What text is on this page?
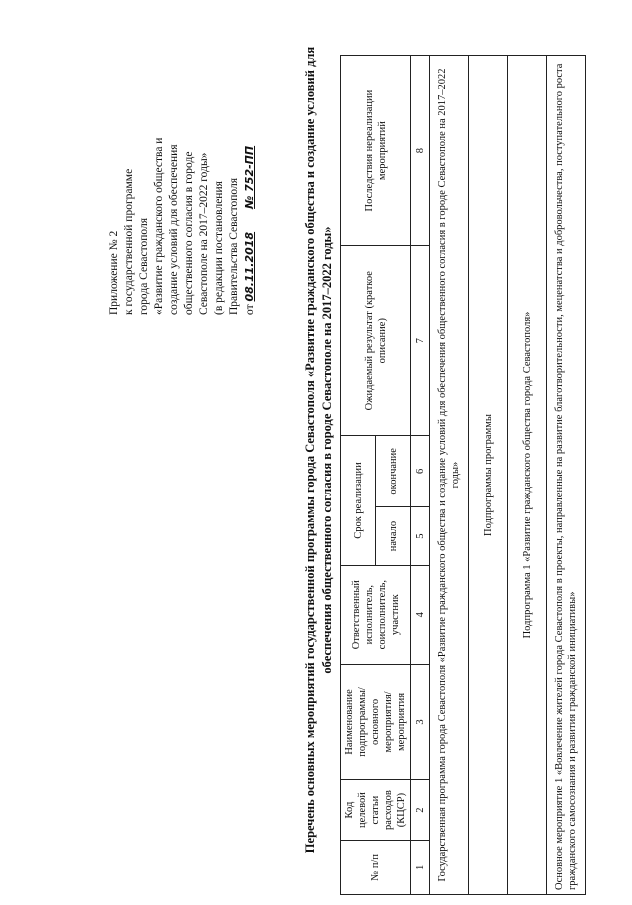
Приложение № 2 к государственной программе города Севастополя «Развитие гражданского общества и создание условий для обеспечения общественного согласия в городе Севастополе на 2017–2022 годы» (в редакции постановления Правительства Севастополя от 08.11.2018        № 752-ПП	Перечень основных мероприятий государственной программы города Севастополя «Развитие гражданского общества и создание условий для обеспечения общественного согласия в городе Севастополе на 2017–2022 годы»
№ п/п	Код целевой статьи расходов (КЦСР)	Наименование подпрограммы/основного мероприятия/мероприятия	Ответственный исполнитель, соисполнитель, участник	Срок реализации		Ожидаемый результат (краткое описание)	Последствия нереализации мероприятий
				начало	окончание		
1	2	3	4	5	6	7	8
Государственная программа города Севастополя «Развитие гражданского общества и создание условий для обеспечения общественного согласия в городе Севастополе на 2017–2022 годы»							
Подпрограммы программы							
Подпрограмма 1 «Развитие гражданского общества города Севастополя»							
Основное мероприятие 1 «Вовлечение жителей города Севастополя в проекты, направленные на развитие благотворительности, меценатства и добровольчества, поступательного роста гражданского самосознания и развития гражданской инициативы»							
